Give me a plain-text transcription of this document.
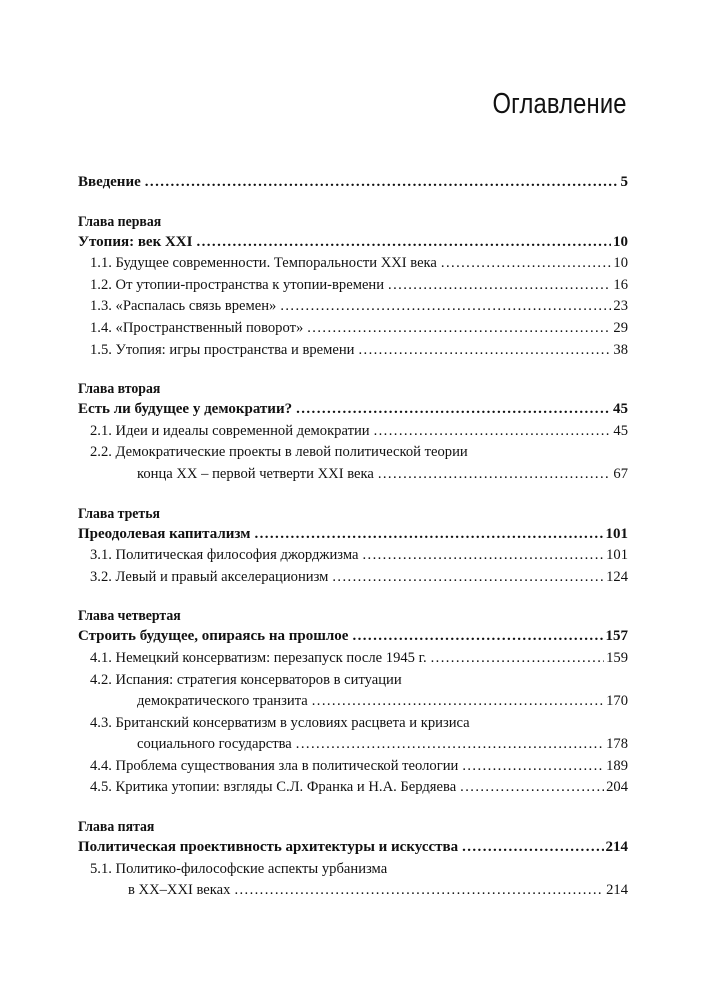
Оглавление
Введение .....	5
Глава первая
Утопия: век XXI .....	10
1.1. Будущее современности. Темпоральности XXI века .....	10
1.2. От утопии-пространства к утопии-времени .....	16
1.3. «Распалась связь времен» .....	23
1.4. «Пространственный поворот» .....	29
1.5. Утопия: игры пространства и времени .....	38
Глава вторая
Есть ли будущее у демократии? .....	45
2.1. Идеи и идеалы современной демократии .....	45
2.2. Демократические проекты в левой политической теории
конца XX – первой четверти XXI века .....	67
Глава третья
Преодолевая капитализм .....	101
3.1. Политическая философия джорджизма .....	101
3.2. Левый и правый акселерационизм .....	124
Глава четвертая
Строить будущее, опираясь на прошлое .....	157
4.1. Немецкий консерватизм: перезапуск после 1945 г. .....	159
4.2. Испания: стратегия консерваторов в ситуации
демократического транзита .....	170
4.3. Британский консерватизм в условиях расцвета и кризиса
социального государства .....	178
4.4. Проблема существования зла в политической теологии .....	189
4.5. Критика утопии: взгляды С.Л. Франка и Н.А. Бердяева .....	204
Глава пятая
Политическая проективность архитектуры и искусства .....	214
5.1. Политико-философские аспекты урбанизма
в XX–XXI веках .....	214
